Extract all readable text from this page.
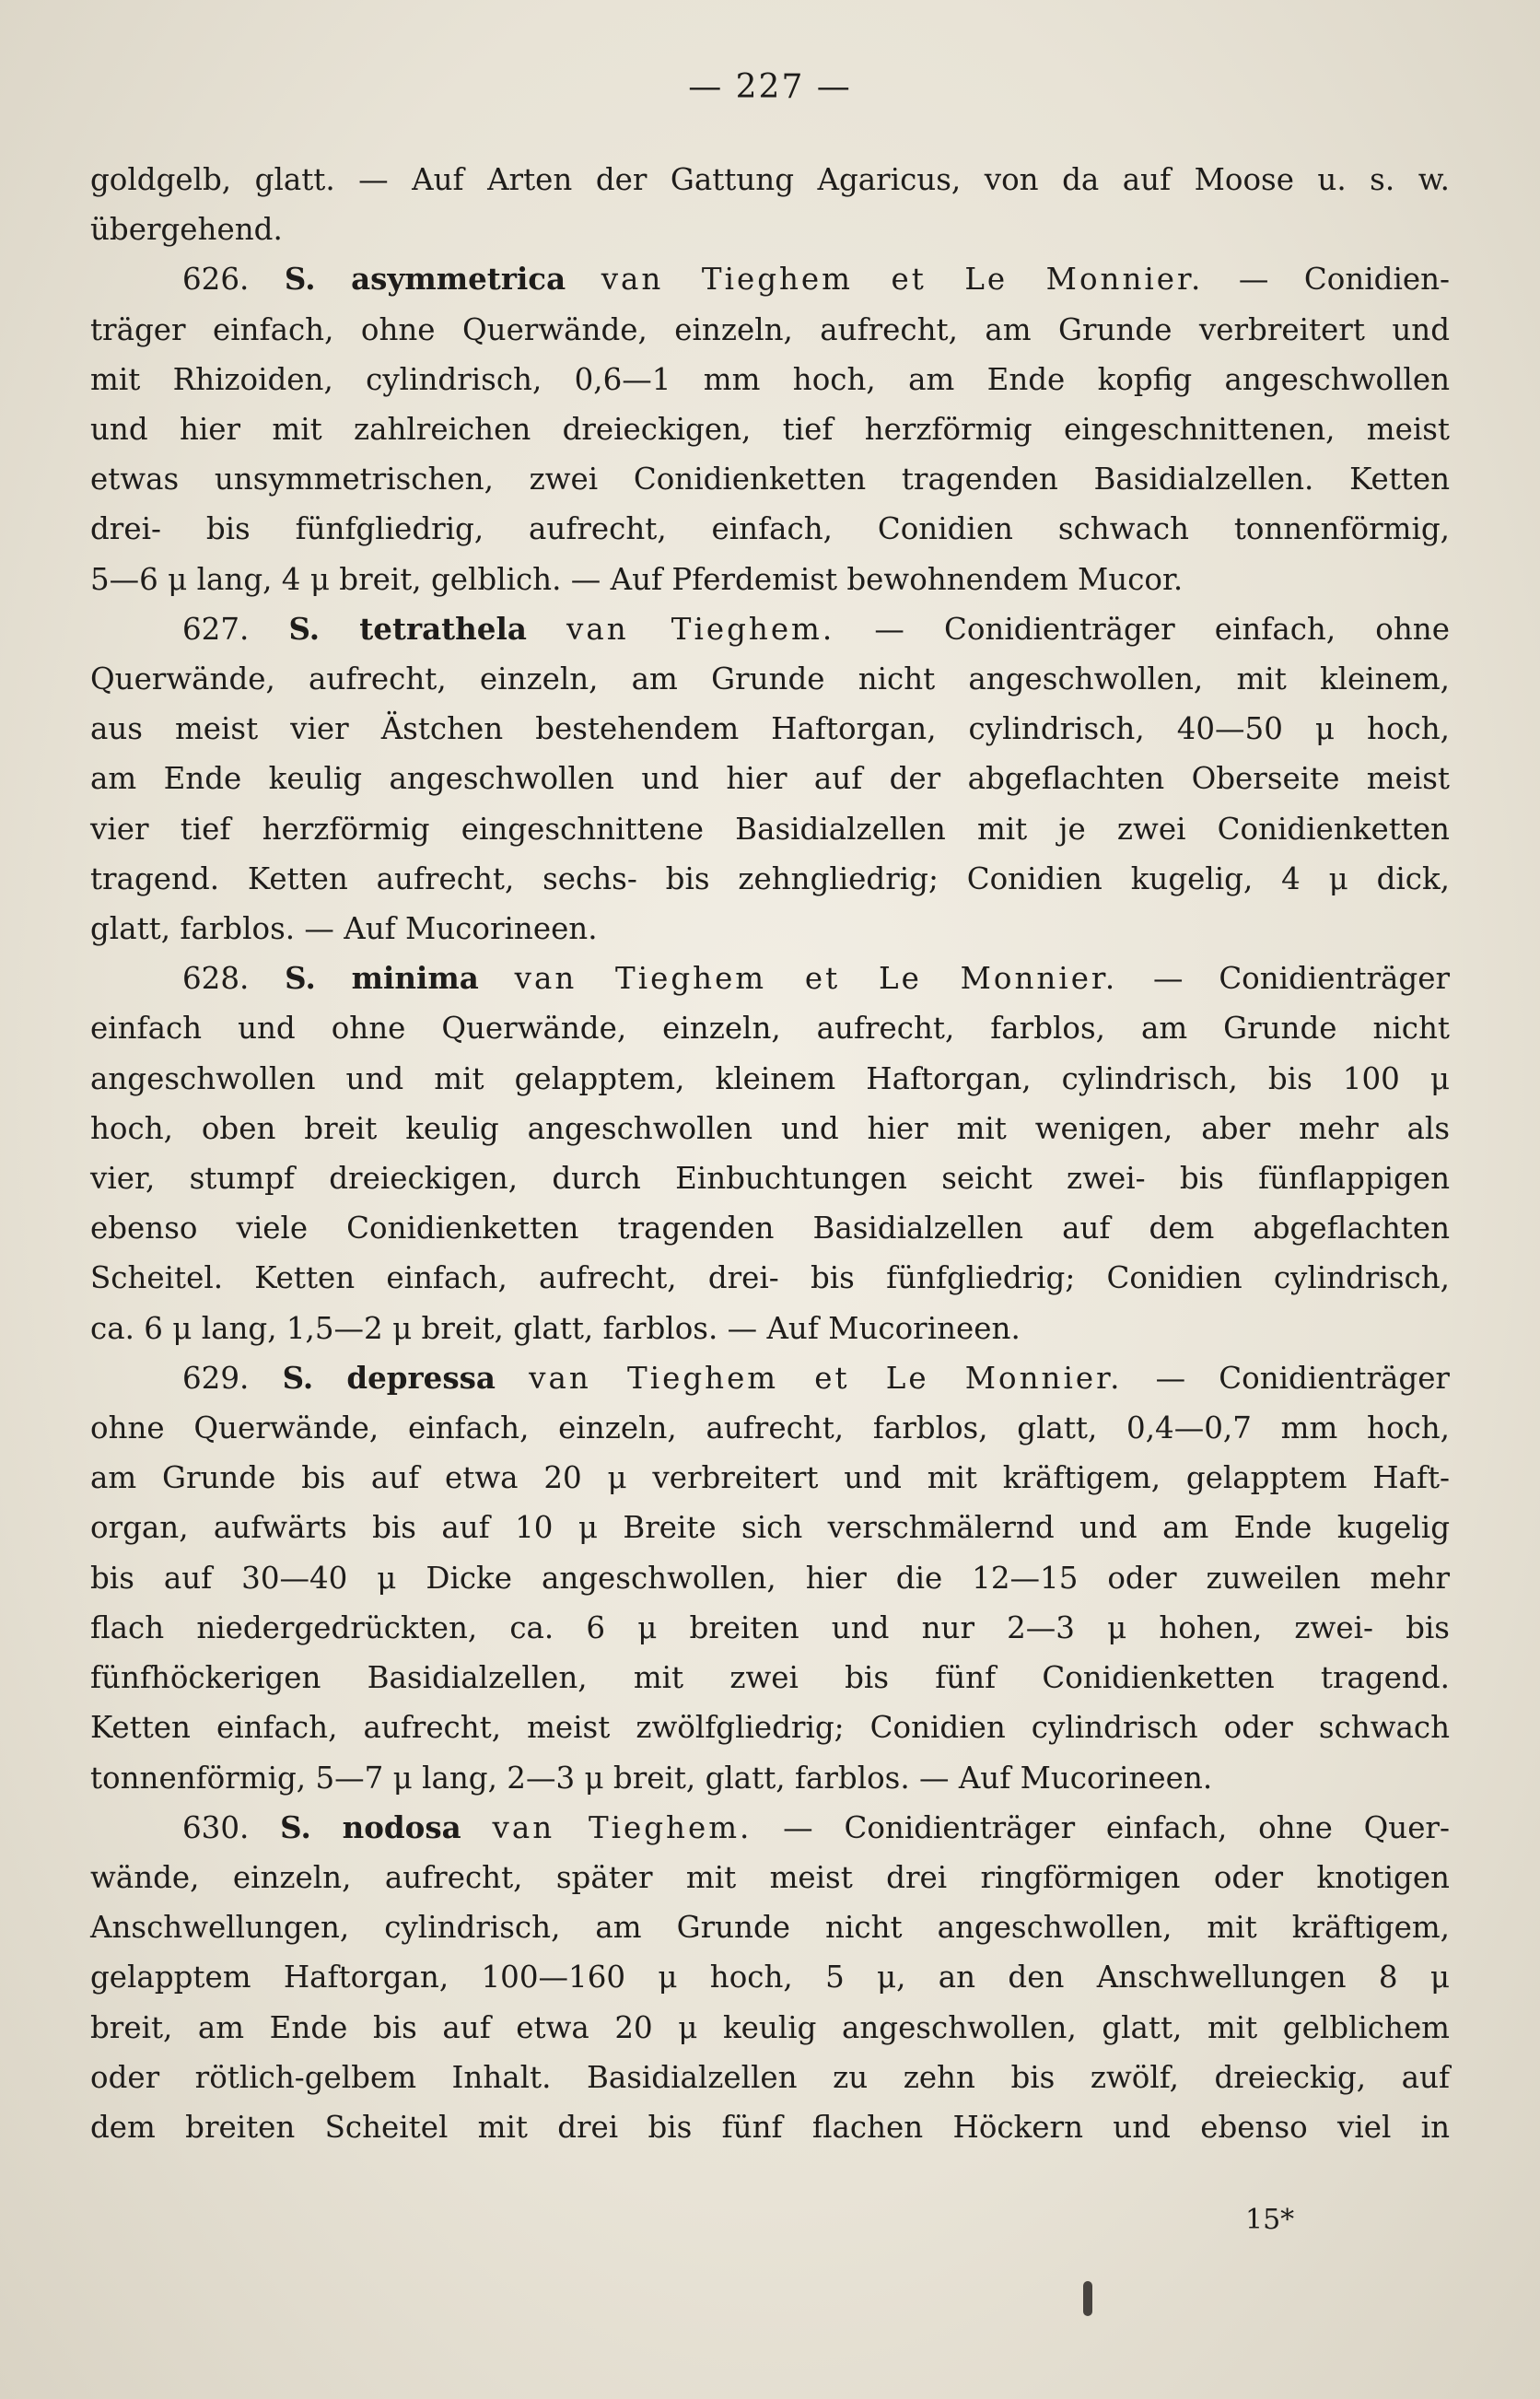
— 227 —

goldgelb, glatt. — Auf Arten der Gattung Agaricus, von da auf Moose u. s. w.
übergehend.

626. S. asymmetrica van Tieghem et Le Monnier. — Conidien-
träger einfach, ohne Querwände, einzeln, aufrecht, am Grunde verbreitert und
mit Rhizoiden, cylindrisch, 0,6—1 mm hoch, am Ende kopfig angeschwollen
und hier mit zahlreichen dreieckigen, tief herzförmig eingeschnittenen, meist
etwas unsymmetrischen, zwei Conidienketten tragenden Basidialzellen. Ketten
drei- bis fünfgliedrig, aufrecht, einfach, Conidien schwach tonnenförmig,
5—6 μ lang, 4 μ breit, gelblich. — Auf Pferdemist bewohnendem Mucor.

627. S. tetrathela van Tieghem. — Conidienträger einfach, ohne
Querwände, aufrecht, einzeln, am Grunde nicht angeschwollen, mit kleinem,
aus meist vier Ästchen bestehendem Haftorgan, cylindrisch, 40—50 μ hoch,
am Ende keulig angeschwollen und hier auf der abgeflachten Oberseite meist
vier tief herzförmig eingeschnittene Basidialzellen mit je zwei Conidienketten
tragend. Ketten aufrecht, sechs- bis zehngliedrig; Conidien kugelig, 4 μ dick,
glatt, farblos. — Auf Mucorineen.

628. S. minima van Tieghem et Le Monnier. — Conidienträger
einfach und ohne Querwände, einzeln, aufrecht, farblos, am Grunde nicht
angeschwollen und mit gelapptem, kleinem Haftorgan, cylindrisch, bis 100 μ
hoch, oben breit keulig angeschwollen und hier mit wenigen, aber mehr als
vier, stumpf dreieckigen, durch Einbuchtungen seicht zwei- bis fünflappigen
ebenso viele Conidienketten tragenden Basidialzellen auf dem abgeflachten
Scheitel. Ketten einfach, aufrecht, drei- bis fünfgliedrig; Conidien cylindrisch,
ca. 6 μ lang, 1,5—2 μ breit, glatt, farblos. — Auf Mucorineen.

629. S. depressa van Tieghem et Le Monnier. — Conidienträger
ohne Querwände, einfach, einzeln, aufrecht, farblos, glatt, 0,4—0,7 mm hoch,
am Grunde bis auf etwa 20 μ verbreitert und mit kräftigem, gelapptem Haft-
organ, aufwärts bis auf 10 μ Breite sich verschmälernd und am Ende kugelig
bis auf 30—40 μ Dicke angeschwollen, hier die 12—15 oder zuweilen mehr
flach niedergedrückten, ca. 6 μ breiten und nur 2—3 μ hohen, zwei- bis
fünfhöckerigen Basidialzellen, mit zwei bis fünf Conidienketten tragend.
Ketten einfach, aufrecht, meist zwölfgliedrig; Conidien cylindrisch oder schwach
tonnenförmig, 5—7 μ lang, 2—3 μ breit, glatt, farblos. — Auf Mucorineen.

630. S. nodosa van Tieghem. — Conidienträger einfach, ohne Quer-
wände, einzeln, aufrecht, später mit meist drei ringförmigen oder knotigen
Anschwellungen, cylindrisch, am Grunde nicht angeschwollen, mit kräftigem,
gelapptem Haftorgan, 100—160 μ hoch, 5 μ, an den Anschwellungen 8 μ
breit, am Ende bis auf etwa 20 μ keulig angeschwollen, glatt, mit gelblichem
oder rötlich-gelbem Inhalt. Basidialzellen zu zehn bis zwölf, dreieckig, auf
dem breiten Scheitel mit drei bis fünf flachen Höckern und ebenso viel in

15*
